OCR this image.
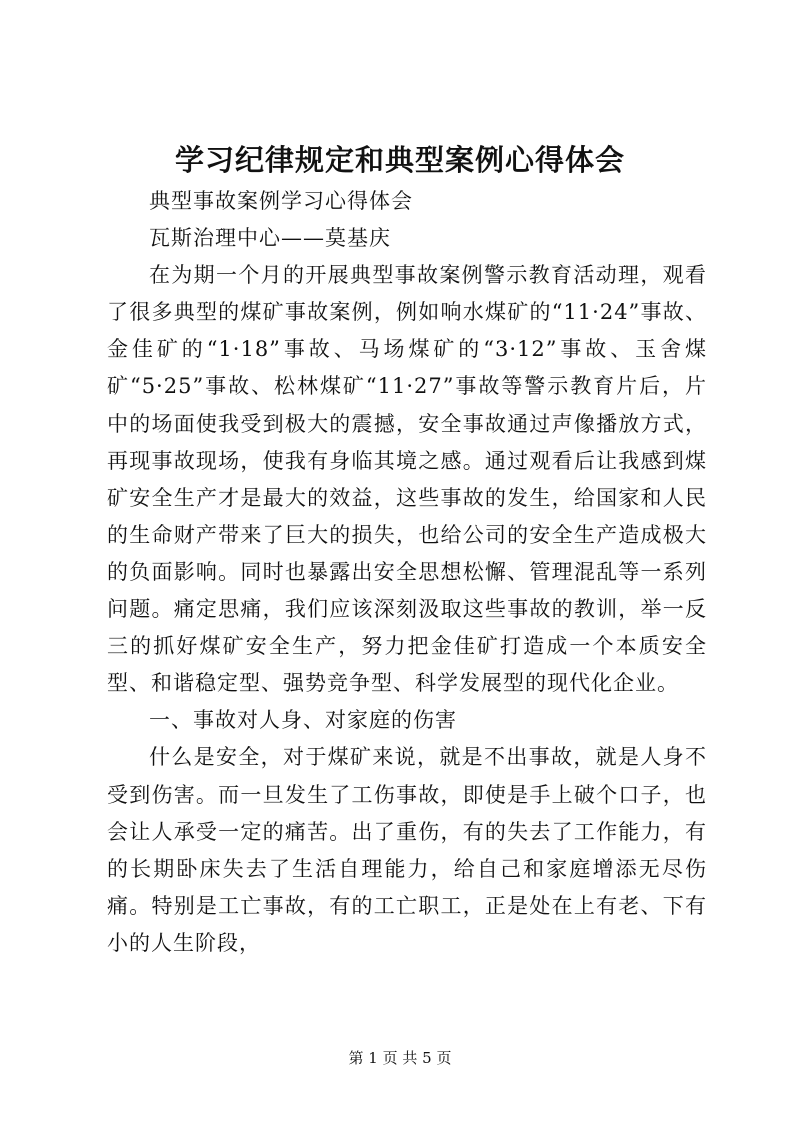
学习纪律规定和典型案例心得体会

典型事故案例学习心得体会

瓦斯治理中心——莫基庆

在为期一个月的开展典型事故案例警示教育活动理，观看了很多典型的煤矿事故案例，例如响水煤矿的“11·24”事故、金佳矿的“1·18”事故、马场煤矿的“3·12”事故、玉舍煤矿“5·25”事故、松林煤矿“11·27”事故等警示教育片后，片中的场面使我受到极大的震撼，安全事故通过声像播放方式，再现事故现场，使我有身临其境之感。通过观看后让我感到煤矿安全生产才是最大的效益，这些事故的发生，给国家和人民的生命财产带来了巨大的损失，也给公司的安全生产造成极大的负面影响。同时也暴露出安全思想松懈、管理混乱等一系列问题。痛定思痛，我们应该深刻汲取这些事故的教训，举一反三的抓好煤矿安全生产，努力把金佳矿打造成一个本质安全型、和谐稳定型、强势竞争型、科学发展型的现代化企业。

一、事故对人身、对家庭的伤害

什么是安全，对于煤矿来说，就是不出事故，就是人身不受到伤害。而一旦发生了工伤事故，即使是手上破个口子，也会让人承受一定的痛苦。出了重伤，有的失去了工作能力，有的长期卧床失去了生活自理能力，给自己和家庭增添无尽伤痛。特别是工亡事故，有的工亡职工，正是处在上有老、下有小的人生阶段，

第 1 页 共 5 页
